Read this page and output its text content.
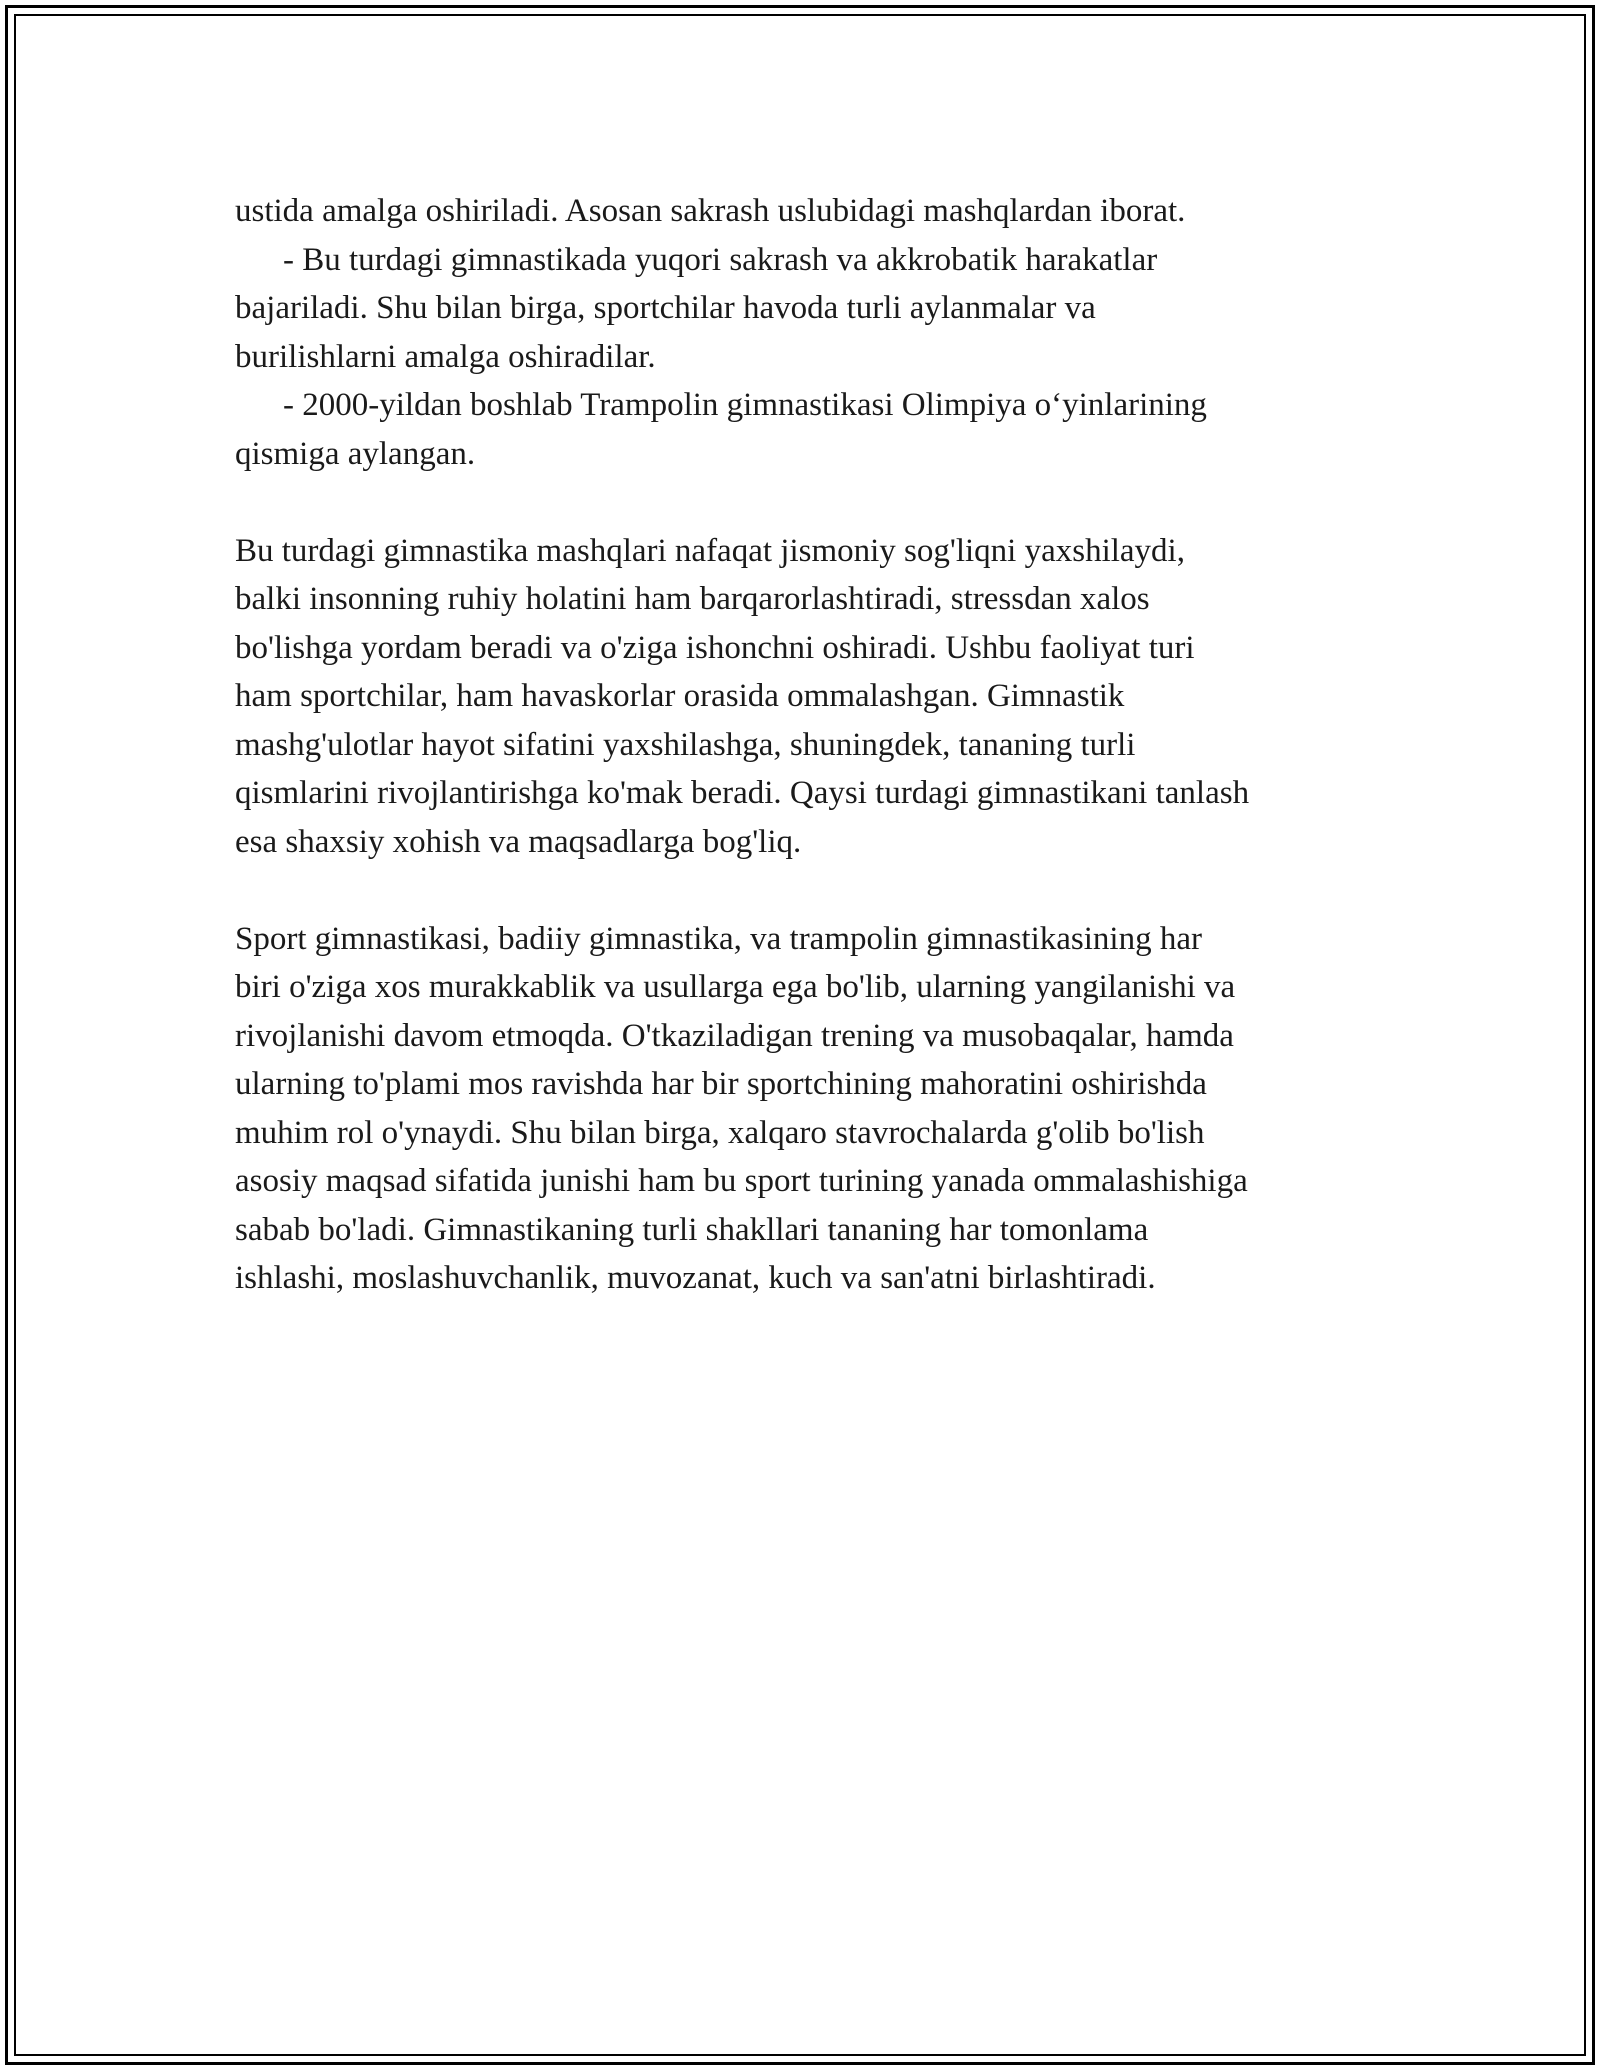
ustida amalga oshiriladi. Asosan sakrash uslubidagi mashqlardan iborat.
- Bu turdagi gimnastikada yuqori sakrash va akkrobatik harakatlar
bajariladi. Shu bilan birga, sportchilar havoda turli aylanmalar va
burilishlarni amalga oshiradilar.
- 2000-yildan boshlab Trampolin gimnastikasi Olimpiya o‘yinlarining
qismiga aylangan.
Bu turdagi gimnastika mashqlari nafaqat jismoniy sog'liqni yaxshilaydi,
balki insonning ruhiy holatini ham barqarorlashtiradi, stressdan xalos
bo'lishga yordam beradi va o'ziga ishonchni oshiradi. Ushbu faoliyat turi
ham sportchilar, ham havaskorlar orasida ommalashgan. Gimnastik
mashg'ulotlar hayot sifatini yaxshilashga, shuningdek, tananing turli
qismlarini rivojlantirishga ko'mak beradi. Qaysi turdagi gimnastikani tanlash
esa shaxsiy xohish va maqsadlarga bog'liq.
Sport gimnastikasi, badiiy gimnastika, va trampolin gimnastikasining har
biri o'ziga xos murakkablik va usullarga ega bo'lib, ularning yangilanishi va
rivojlanishi davom etmoqda. O'tkaziladigan trening va musobaqalar, hamda
ularning to'plami mos ravishda har bir sportchining mahoratini oshirishda
muhim rol o'ynaydi. Shu bilan birga, xalqaro stavrochalarda g'olib bo'lish
asosiy maqsad sifatida junishi ham bu sport turining yanada ommalashishiga
sabab bo'ladi. Gimnastikaning turli shakllari tananing har tomonlama
ishlashi, moslashuvchanlik, muvozanat, kuch va san'atni birlashtiradi.
